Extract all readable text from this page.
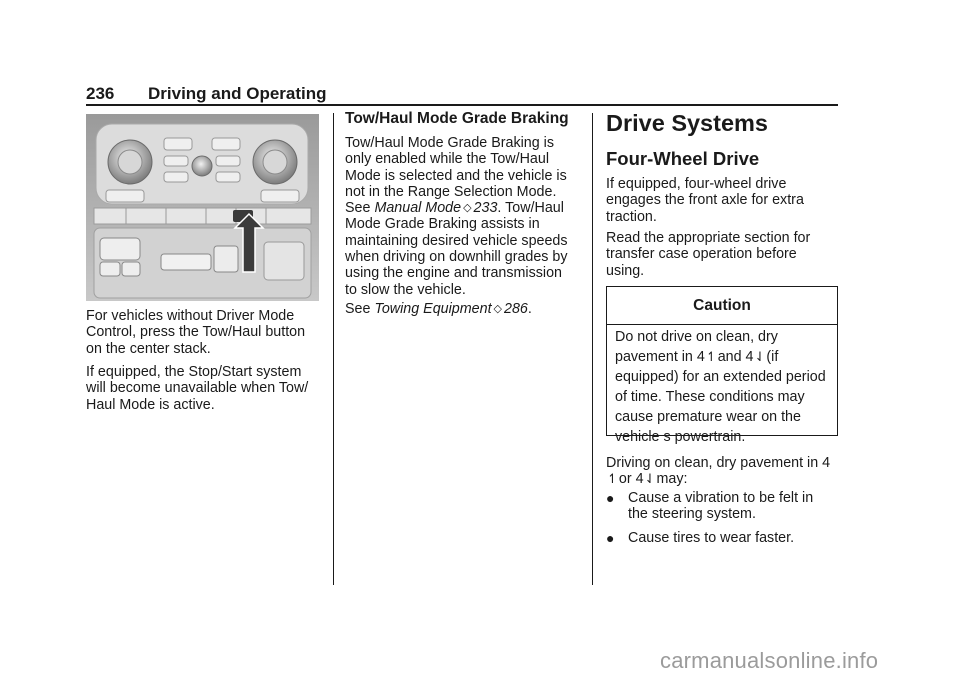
236 Driving and Operating
For vehicles without Driver Mode Control, press the Tow/Haul button on the center stack.
If equipped, the Stop/Start system will become unavailable when Tow/ Haul Mode is active.
Tow/Haul Mode Grade Braking

Tow/Haul Mode Grade Braking is

only enabled while the Tow/Haul

Mode is selected and the vehicle is

not in the Range Selection Mode.

See Manual Mode ◇ 233. Tow/Haul

Mode Grade Braking assists in

maintaining desired vehicle speeds

when driving on downhill grades by

using the engine and transmission

to slow the vehicle.

See Towing Equipment ◇ 286.
Drive Systems
Four-Wheel Drive
If equipped, four-wheel drive engages the front axle for extra traction.
Read the appropriate section for transfer case operation before using.
Caution
Do not drive on clean, dry
pavement in 4↿and 4⇃(if
equipped) for an extended period
of time. These conditions may
cause premature wear on the
vehicle s powertrain.
Driving on clean, dry pavement in 4
↿or 4⇃may:
● Cause a vibration to be felt in

the steering system.

● Cause tires to wear faster.
carmanualsonline.info
